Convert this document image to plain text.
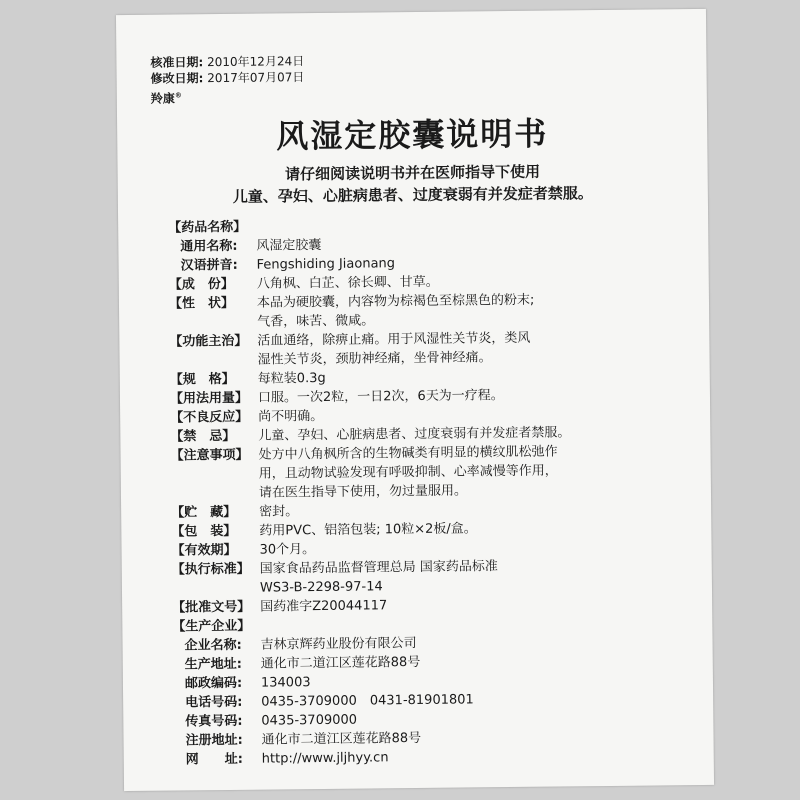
核准日期: 2010年12月24日
修改日期: 2017年07月07日
羚康®
风湿定胶囊说明书
请仔细阅读说明书并在医师指导下使用
儿童、孕妇、心脏病患者、过度衰弱有并发症者禁服。
【药品名称】
通用名称:	风湿定胶囊
汉语拼音:	Fengshiding Jiaonang
【成　份】	八角枫、白芷、徐长卿、甘草。
【性　状】	本品为硬胶囊，内容物为棕褐色至棕黑色的粉末;
气香，味苦、微咸。
【功能主治】 活血通络，除痹止痛。用于风湿性关节炎，类风
湿性关节炎，颈肋神经痛，坐骨神经痛。
【规　格】	每粒装0.3g
【用法用量】 口服。一次2粒，一日2次，6天为一疗程。
【不良反应】 尚不明确。
【禁　忌】	儿童、孕妇、心脏病患者、过度衰弱有并发症者禁服。
【注意事项】 处方中八角枫所含的生物碱类有明显的横纹肌松弛作
用，且动物试验发现有呼吸抑制、心率减慢等作用，
请在医生指导下使用，勿过量服用。
【贮　藏】	密封。
【包　装】	药用PVC、铝箔包装; 10粒×2板/盒。
【有效期】	30个月。
【执行标准】 国家食品药品监督管理总局 国家药品标准
WS3-B-2298-97-14
【批准文号】 国药准字Z20044117
【生产企业】
企业名称:	吉林京辉药业股份有限公司
生产地址:	通化市二道江区莲花路88号
邮政编码:	134003
电话号码:	0435-3709000　0431-81901801
传真号码:	0435-3709000
注册地址:	通化市二道江区莲花路88号
网　　址:	http://www.jljhyy.cn
